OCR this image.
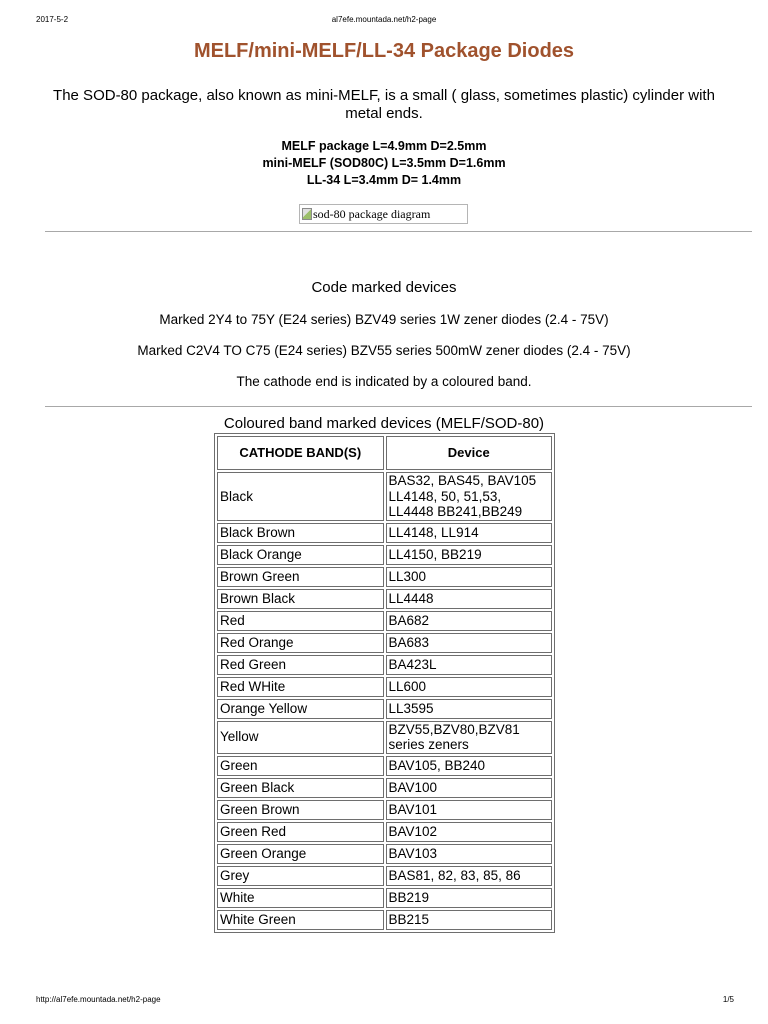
2017-5-2	al7efe.mountada.net/h2-page
MELF/mini-MELF/LL-34 Package Diodes

The SOD-80 package, also known as mini-MELF, is a small ( glass, sometimes plastic) cylinder with metal ends.

MELF package L=4.9mm D=2.5mm
mini-MELF (SOD80C) L=3.5mm D=1.6mm
LL-34 L=3.4mm D= 1.4mm
sod-80 package diagram
Code marked devices
Marked 2Y4 to 75Y (E24 series) BZV49 series 1W zener diodes (2.4 - 75V)
Marked C2V4 TO C75 (E24 series) BZV55 series 500mW zener diodes (2.4 - 75V)
The cathode end is indicated by a coloured band.
Coloured band marked devices (MELF/SOD-80)
CATHODE BAND(S)	Device
Black	BAS32, BAS45, BAV105 LL4148, 50, 51,53, LL4448 BB241,BB249
Black Brown	LL4148, LL914
Black Orange	LL4150, BB219
Brown Green	LL300
Brown Black	LL4448
Red	BA682
Red Orange	BA683
Red Green	BA423L
Red WHite	LL600
Orange Yellow	LL3595
Yellow	BZV55,BZV80,BZV81 series zeners
Green	BAV105, BB240
Green Black	BAV100
Green Brown	BAV101
Green Red	BAV102
Green Orange	BAV103
Grey	BAS81, 82, 83, 85, 86
White	BB219
White Green	BB215
http://al7efe.mountada.net/h2-page	1/5
